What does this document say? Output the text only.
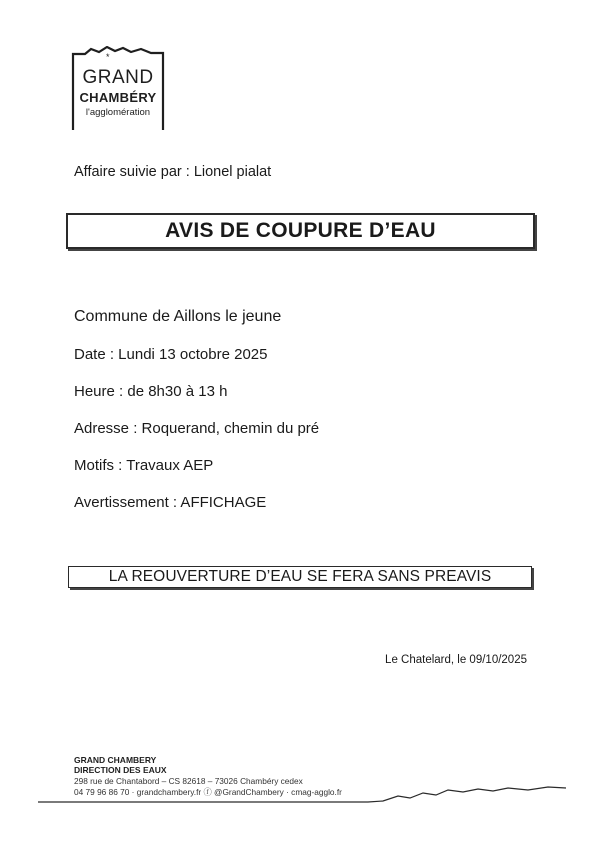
*
GRAND
CHAMBÉRY
l'agglomération
Affaire suivie par : Lionel pialat
AVIS DE COUPURE D’EAU
Commune de Aillons le jeune
Date : Lundi 13 octobre 2025
Heure : de 8h30 à 13 h
Adresse : Roquerand, chemin du pré
Motifs : Travaux AEP
Avertissement : AFFICHAGE
LA REOUVERTURE D’EAU SE FERA SANS PREAVIS
Le Chatelard, le 09/10/2025
GRAND CHAMBERY
DIRECTION DES EAUX
298 rue de Chantabord – CS 82618 – 73026 Chambéry cedex
04 79 96 86 70 · grandchambery.fr ⓕ @GrandChambery · cmag-agglo.fr
